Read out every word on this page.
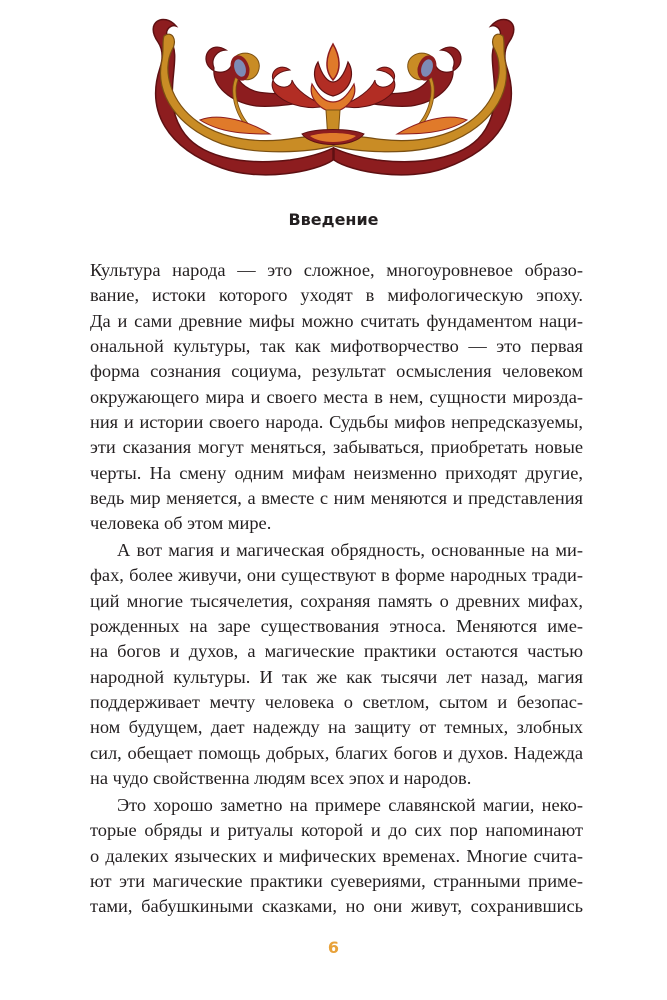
Введение
Культура народа — это сложное, многоуровневое образо-
вание, истоки которого уходят в мифологическую эпоху.
Да и сами древние мифы можно считать фундаментом наци-
ональной культуры, так как мифотворчество — это первая
форма сознания социума, результат осмысления человеком
окружающего мира и своего места в нем, сущности мирозда-
ния и истории своего народа. Судьбы мифов непредсказуемы,
эти сказания могут меняться, забываться, приобретать новые
черты. На смену одним мифам неизменно приходят другие,
ведь мир меняется, а вместе с ним меняются и представления
человека об этом мире.
А вот магия и магическая обрядность, основанные на ми-
фах, более живучи, они существуют в форме народных тради-
ций многие тысячелетия, сохраняя память о древних мифах,
рожденных на заре существования этноса. Меняются име-
на богов и духов, а магические практики остаются частью
народной культуры. И так же как тысячи лет назад, магия
поддерживает мечту человека о светлом, сытом и безопас-
ном будущем, дает надежду на защиту от темных, злобных
сил, обещает помощь добрых, благих богов и духов. Надежда
на чудо свойственна людям всех эпох и народов.
Это хорошо заметно на примере славянской магии, неко-
торые обряды и ритуалы которой и до сих пор напоминают
о далеких языческих и мифических временах. Многие счита-
ют эти магические практики суевериями, странными приме-
тами, бабушкиными сказками, но они живут, сохранившись
6
